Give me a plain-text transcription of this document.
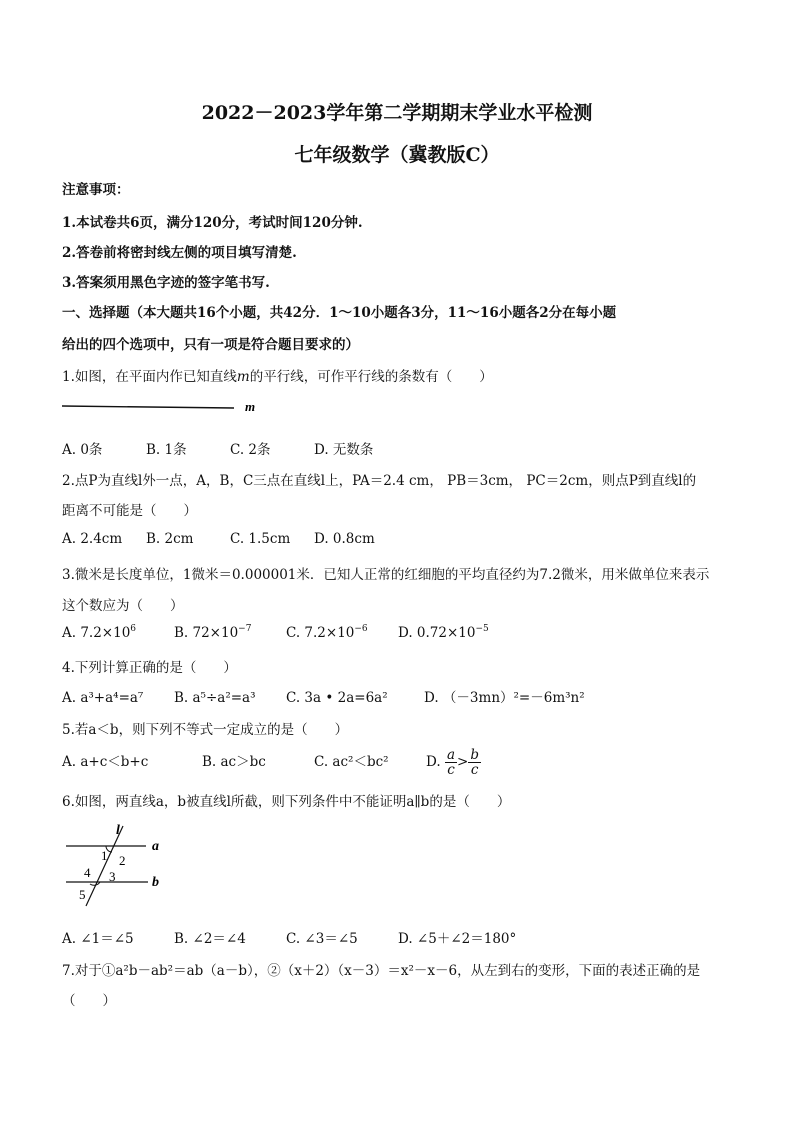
2022－2023学年第二学期期末学业水平检测
七年级数学（冀教版C）
注意事项：
1.本试卷共6页，满分120分，考试时间120分钟.
2.答卷前将密封线左侧的项目填写清楚.
3.答案须用黑色字迹的签字笔书写.
一、选择题（本大题共16个小题，共42分．1～10小题各3分，11～16小题各2分在每小题
给出的四个选项中，只有一项是符合题目要求的）
1.如图，在平面内作已知直线m的平行线，可作平行线的条数有（　　）
m
A. 0条	B. 1条	C. 2条	D. 无数条
2.点P为直线l外一点，A，B，C三点在直线l上，PA＝2.4 cm， PB＝3cm， PC＝2cm，则点P到直线l的
距离不可能是（　　）
A. 2.4cm B. 2cm	C. 1.5cm D. 0.8cm
3.微米是长度单位，1微米＝0.000001米．已知人正常的红细胞的平均直径约为7.2微米，用米做单位来表示
这个数应为（　　）
A. $7.2\times 10^6$	B. $72\times 10^{-7}$	C. $7.2\times 10^{-6}$ D. $0.72\times 10^{-5}$
4.下列计算正确的是（　　）
A. a³+a⁴=a⁷ B. a⁵÷a²=a³ C. 3a • 2a=6a²	D. （－3mn）²=－6m³n²
5.若a＜b，则下列不等式一定成立的是（　　）
A. a+c＜b+c	B. ac＞bc	C. ac²＜bc²	D. $\frac{a}{c} > \frac{b}{c}$
6.如图，两直线a，b被直线l所截，则下列条件中不能证明a∥b的是（　　）
l
a
b
1 2
3
4
5
A. ∠1＝∠5	B. ∠2＝∠4	C. ∠3＝∠5	D. ∠5＋∠2＝180°
7.对于①a²b－ab²＝ab（a－b），②（x＋2）（x－3）＝x²－x－6，从左到右的变形，下面的表述正确的是
（　　）
